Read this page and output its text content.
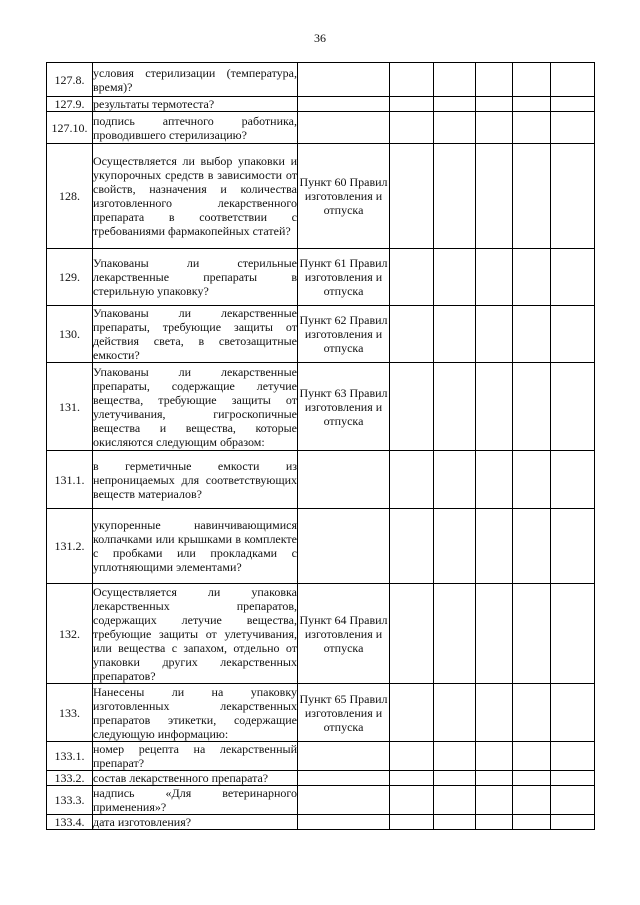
36
127.8.	условия стерилизации (температура, время)?						
127.9.	результаты термотеста?						
127.10.	подпись аптечного работника, проводившего стерилизацию?						
128.	Осуществляется ли выбор упаковки и укупорочных средств в зависимости от свойств, назначения и количества изготовленного лекарственного препарата в соответствии с требованиями фармакопейных статей?	Пункт 60 Правил изготовления и отпуска					
129.	Упакованы ли стерильные лекарственные препараты в стерильную упаковку?	Пункт 61 Правил изготовления и отпуска					
130.	Упакованы ли лекарственные препараты, требующие защиты от действия света, в светозащитные емкости?	Пункт 62 Правил изготовления и отпуска					
131.	Упакованы ли лекарственные препараты, содержащие летучие вещества, требующие защиты от улетучивания, гигроскопичные вещества и вещества, которые окисляются следующим образом:	Пункт 63 Правил изготовления и отпуска					
131.1.	в герметичные емкости из непроницаемых для соответствующих веществ материалов?						
131.2.	укупоренные навинчивающимися колпачками или крышками в комплекте с пробками или прокладками с уплотняющими элементами?						
132.	Осуществляется ли упаковка лекарственных препаратов, содержащих летучие вещества, требующие защиты от улетучивания, или вещества с запахом, отдельно от упаковки других лекарственных препаратов?	Пункт 64 Правил изготовления и отпуска					
133.	Нанесены ли на упаковку изготовленных лекарственных препаратов этикетки, содержащие следующую информацию:	Пункт 65 Правил изготовления и отпуска					
133.1.	номер рецепта на лекарственный препарат?						
133.2.	состав лекарственного препарата?						
133.3.	надпись «Для ветеринарного применения»?						
133.4.	дата изготовления?						
